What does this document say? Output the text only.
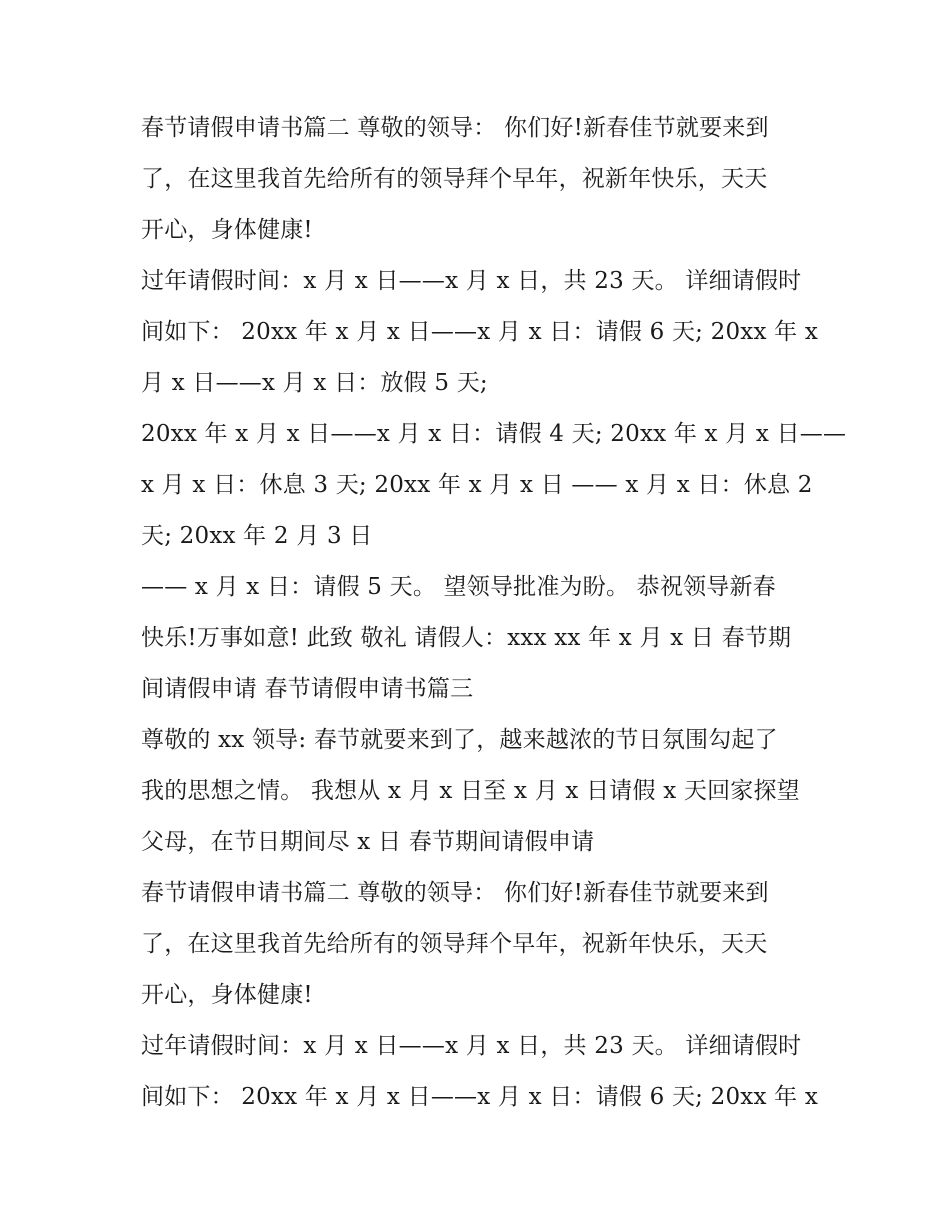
春节请假申请书篇二 尊敬的领导： 你们好!新春佳节就要来到
了，在这里我首先给所有的领导拜个早年，祝新年快乐，天天
开心，身体健康!
过年请假时间：x 月 x 日——x 月 x 日，共 23 天。 详细请假时
间如下： 20xx 年 x 月 x 日——x 月 x 日：请假 6 天; 20xx 年 x
月 x 日——x 月 x 日：放假 5 天;
20xx 年 x 月 x 日——x 月 x 日：请假 4 天; 20xx 年 x 月 x 日——
x 月 x 日：休息 3 天; 20xx 年 x 月 x 日 —— x 月 x 日：休息 2
天; 20xx 年 2 月 3 日
—— x 月 x 日：请假 5 天。 望领导批准为盼。 恭祝领导新春
快乐!万事如意! 此致 敬礼 请假人：xxx xx 年 x 月 x 日 春节期
间请假申请 春节请假申请书篇三
尊敬的 xx 领导: 春节就要来到了，越来越浓的节日氛围勾起了
我的思想之情。 我想从 x 月 x 日至 x 月 x 日请假 x 天回家探望
父母，在节日期间尽 x 日 春节期间请假申请
春节请假申请书篇二 尊敬的领导： 你们好!新春佳节就要来到
了，在这里我首先给所有的领导拜个早年，祝新年快乐，天天
开心，身体健康!
过年请假时间：x 月 x 日——x 月 x 日，共 23 天。 详细请假时
间如下： 20xx 年 x 月 x 日——x 月 x 日：请假 6 天; 20xx 年 x
